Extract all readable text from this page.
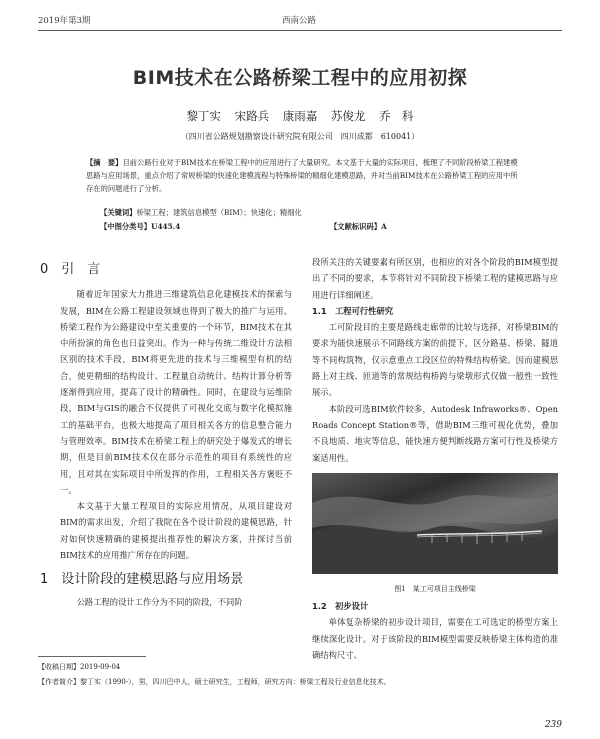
2019年第3期	西南公路
BIM技术在公路桥梁工程中的应用初探
黎丁实 宋路兵 康雨嘉 苏俊龙 乔　科
（四川省公路规划勘察设计研究院有限公司　四川成都　610041）
【摘　要】目前公路行业对于BIM技术在桥梁工程中的应用进行了大量研究。本文基于大量的实际项目，梳理了不同阶段桥梁工程建模思路与应用场景，重点介绍了常规桥梁的快速化建模流程与特殊桥梁的精细化建模思路，并对当前BIM技术在公路桥梁工程的应用中所存在的问题进行了分析。
【关键词】桥梁工程；建筑信息模型（BIM）；快速化；精细化
【中图分类号】U445.4	【文献标识码】A
0　引　言

随着近年国家大力推进三维建筑信息化建模技术的探索与发展，BIM在公路工程建设领域也得到了极大的推广与运用。桥梁工程作为公路建设中至关重要的一个环节，BIM技术在其中所扮演的角色也日益突出。作为一种与传统二维设计方法相区别的技术手段，BIM将更先进的技术与三维模型有机的结合，使更精细的结构设计、工程量自动统计、结构计算分析等逐渐得到应用，提高了设计的精确性。同时，在建设与运维阶段，BIM与GIS的融合不仅提供了可视化交底与数字化模拟施工的基础平台，也极大地提高了项目相关各方的信息整合能力与管理效率。BIM技术在桥梁工程上的研究处于爆发式的增长期，但是目前BIM技术仅在部分示范性的项目有系统性的应用，且对其在实际项目中所发挥的作用，工程相关各方褒贬不一。

本文基于大量工程项目的实际应用情况，从项目建设对BIM的需求出发，介绍了我院在各个设计阶段的建模思路，针对如何快速精确的建模提出推荐性的解决方案，并探讨当前BIM技术的应用推广所存在的问题。

1　设计阶段的建模思路与应用场景

公路工程的设计工作分为不同的阶段，不同阶

段所关注的关键要素有所区别，也相应的对各个阶段的BIM模型提出了不同的要求，本节将针对不同阶段下桥梁工程的建模思路与应用进行详细阐述。

1.1　工程可行性研究

工可阶段目的主要是路线走廊带的比较与选择，对桥梁BIM的要求为能快速展示不同路线方案的前提下，区分路基、桥梁、隧道等不同构筑物，仅示意重点工段区位的特殊结构桥梁。因而建模思路上对主线、匝道等的常规结构桥跨与梁墩形式仅做一般性一致性展示。

本阶段可选BIM软件较多，Autodesk Infraworks®、Open Roads Concept Station®等，借助BIM三维可视化优势，叠加不良地质、地灾等信息，能快速方便判断线路方案可行性及桥梁方案适用性。

图1　某工可项目主线桥梁
1.2　初步设计

单体复杂桥梁的初步设计项目，需要在工可选定的桥型方案上继续深化设计。对于该阶段的BIM模型需要反映桥梁主体构造的准确结构尺寸、

【收稿日期】2019-09-04
【作者简介】黎丁实（1990-），男，四川巴中人，硕士研究生，工程师，研究方向：桥梁工程及行业信息化技术。
239
